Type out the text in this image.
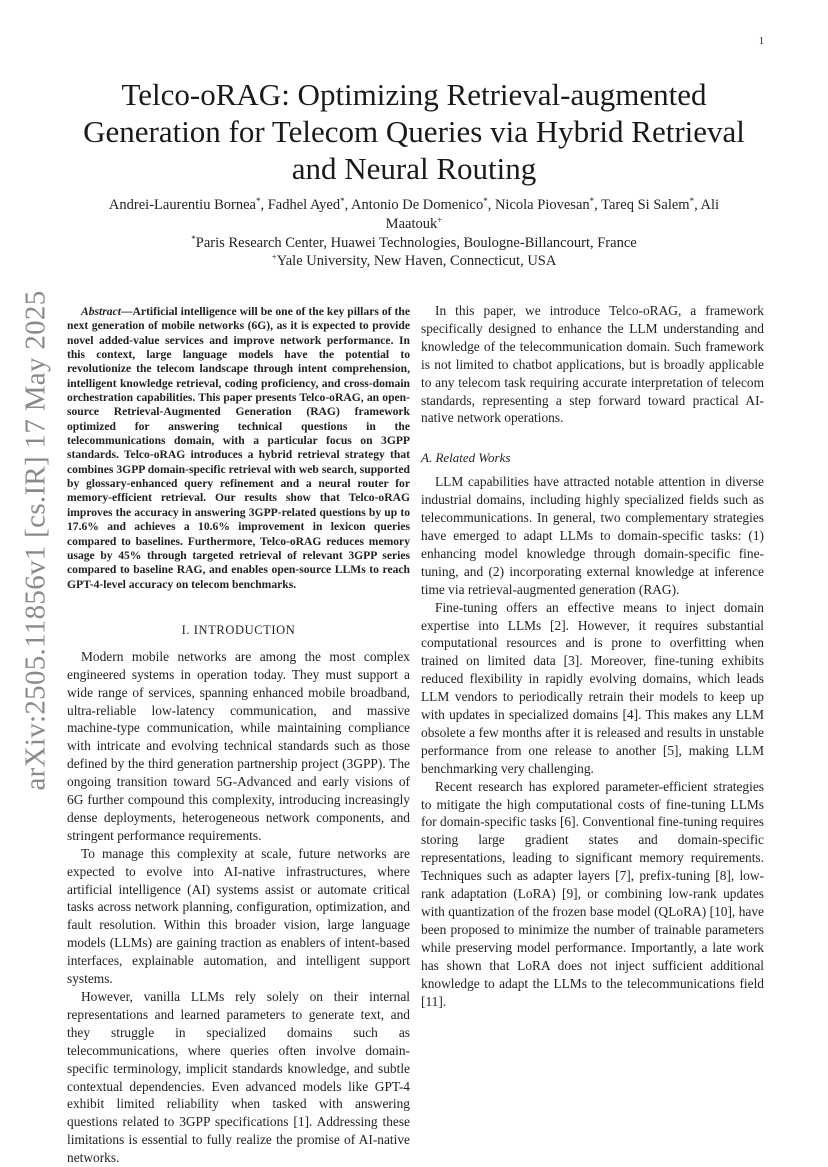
1
arXiv:2505.11856v1 [cs.IR] 17 May 2025
Telco-oRAG: Optimizing Retrieval-augmented Generation for Telecom Queries via Hybrid Retrieval and Neural Routing
Andrei-Laurentiu Bornea*, Fadhel Ayed*, Antonio De Domenico*, Nicola Piovesan*, Tareq Si Salem*, Ali Maatouk+
*Paris Research Center, Huawei Technologies, Boulogne-Billancourt, France
+Yale University, New Haven, Connecticut, USA

Abstract—Artificial intelligence will be one of the key pillars of the next generation of mobile networks (6G), as it is expected to provide novel added-value services and improve network performance. In this context, large language models have the potential to revolutionize the telecom landscape through intent comprehension, intelligent knowledge retrieval, coding proficiency, and cross-domain orchestration capabilities. This paper presents Telco-oRAG, an open-source Retrieval-Augmented Generation (RAG) framework optimized for answering technical questions in the telecommunications domain, with a particular focus on 3GPP standards. Telco-oRAG introduces a hybrid retrieval strategy that combines 3GPP domain-specific retrieval with web search, supported by glossary-enhanced query refinement and a neural router for memory-efficient retrieval. Our results show that Telco-oRAG improves the accuracy in answering 3GPP-related questions by up to 17.6% and achieves a 10.6% improvement in lexicon queries compared to baselines. Furthermore, Telco-oRAG reduces memory usage by 45% through targeted retrieval of relevant 3GPP series compared to baseline RAG, and enables open-source LLMs to reach GPT-4-level accuracy on telecom benchmarks.

I. INTRODUCTION

Modern mobile networks are among the most complex engineered systems in operation today. They must support a wide range of services, spanning enhanced mobile broadband, ultra-reliable low-latency communication, and massive machine-type communication, while maintaining compliance with intricate and evolving technical standards such as those defined by the third generation partnership project (3GPP). The ongoing transition toward 5G-Advanced and early visions of 6G further compound this complexity, introducing increasingly dense deployments, heterogeneous network components, and stringent performance requirements.

To manage this complexity at scale, future networks are expected to evolve into AI-native infrastructures, where artificial intelligence (AI) systems assist or automate critical tasks across network planning, configuration, optimization, and fault resolution. Within this broader vision, large language models (LLMs) are gaining traction as enablers of intent-based interfaces, explainable automation, and intelligent support systems.

However, vanilla LLMs rely solely on their internal representations and learned parameters to generate text, and they struggle in specialized domains such as telecommunications, where queries often involve domain-specific terminology, implicit standards knowledge, and subtle contextual dependencies. Even advanced models like GPT-4 exhibit limited reliability when tasked with answering questions related to 3GPP specifications [1]. Addressing these limitations is essential to fully realize the promise of AI-native networks.

In this paper, we introduce Telco-oRAG, a framework specifically designed to enhance the LLM understanding and knowledge of the telecommunication domain. Such framework is not limited to chatbot applications, but is broadly applicable to any telecom task requiring accurate interpretation of telecom standards, representing a step forward toward practical AI-native network operations.

A. Related Works

LLM capabilities have attracted notable attention in diverse industrial domains, including highly specialized fields such as telecommunications. In general, two complementary strategies have emerged to adapt LLMs to domain-specific tasks: (1) enhancing model knowledge through domain-specific fine-tuning, and (2) incorporating external knowledge at inference time via retrieval-augmented generation (RAG).

Fine-tuning offers an effective means to inject domain expertise into LLMs [2]. However, it requires substantial computational resources and is prone to overfitting when trained on limited data [3]. Moreover, fine-tuning exhibits reduced flexibility in rapidly evolving domains, which leads LLM vendors to periodically retrain their models to keep up with updates in specialized domains [4]. This makes any LLM obsolete a few months after it is released and results in unstable performance from one release to another [5], making LLM benchmarking very challenging.

Recent research has explored parameter-efficient strategies to mitigate the high computational costs of fine-tuning LLMs for domain-specific tasks [6]. Conventional fine-tuning requires storing large gradient states and domain-specific representations, leading to significant memory requirements. Techniques such as adapter layers [7], prefix-tuning [8], low-rank adaptation (LoRA) [9], or combining low-rank updates with quantization of the frozen base model (QLoRA) [10], have been proposed to minimize the number of trainable parameters while preserving model performance. Importantly, a late work has shown that LoRA does not inject sufficient additional knowledge to adapt the LLMs to the telecommunications field [11].
